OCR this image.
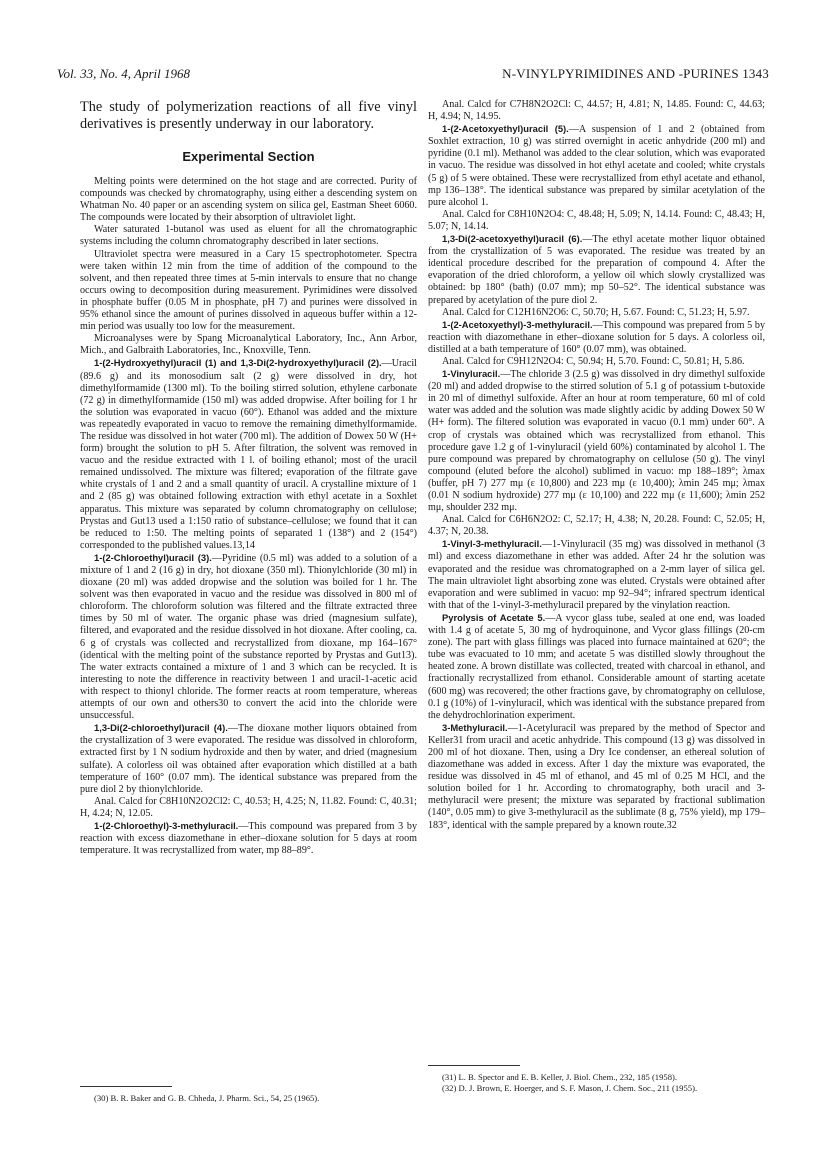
Vol. 33, No. 4, April 1968	N-VINYLPYRIMIDINES AND -PURINES 1343

The study of polymerization reactions of all five vinyl derivatives is presently underway in our laboratory.

Experimental Section

Melting points were determined on the hot stage and are corrected. Purity of compounds was checked by chromatography, using either a descending system on Whatman No. 40 paper or an ascending system on silica gel, Eastman Sheet 6060. The compounds were located by their absorption of ultraviolet light.

Water saturated 1-butanol was used as eluent for all the chromatographic systems including the column chromatography described in later sections.

Ultraviolet spectra were measured in a Cary 15 spectrophotometer. Spectra were taken within 12 min from the time of addition of the compound to the solvent, and then repeated three times at 5-min intervals to ensure that no change occurs owing to decomposition during measurement. Pyrimidines were dissolved in phosphate buffer (0.05 M in phosphate, pH 7) and purines were dissolved in 95% ethanol since the amount of purines dissolved in aqueous buffer within a 12-min period was usually too low for the measurement.

Microanalyses were by Spang Microanalytical Laboratory, Inc., Ann Arbor, Mich., and Galbraith Laboratories, Inc., Knoxville, Tenn.

1-(2-Hydroxyethyl)uracil (1) and 1,3-Di(2-hydroxyethyl)uracil (2).—Uracil (89.6 g) and its monosodium salt (2 g) were dissolved in dry, hot dimethylformamide (1300 ml). To the boiling stirred solution, ethylene carbonate (72 g) in dimethylformamide (150 ml) was added dropwise. After boiling for 1 hr the solution was evaporated in vacuo (60°). Ethanol was added and the mixture was repeatedly evaporated in vacuo to remove the remaining dimethylformamide. The residue was dissolved in hot water (700 ml). The addition of Dowex 50 W (H+ form) brought the solution to pH 5. After filtration, the solvent was removed in vacuo and the residue extracted with 1 l. of boiling ethanol; most of the uracil remained undissolved. The mixture was filtered; evaporation of the filtrate gave white crystals of 1 and 2 and a small quantity of uracil. A crystalline mixture of 1 and 2 (85 g) was obtained following extraction with ethyl acetate in a Soxhlet apparatus. This mixture was separated by column chromatography on cellulose; Prystas and Gut13 used a 1:150 ratio of substance–cellulose; we found that it can be reduced to 1:50. The melting points of separated 1 (138°) and 2 (154°) corresponded to the published values.13,14

1-(2-Chloroethyl)uracil (3).—Pyridine (0.5 ml) was added to a solution of a mixture of 1 and 2 (16 g) in dry, hot dioxane (350 ml). Thionylchloride (30 ml) in dioxane (20 ml) was added dropwise and the solution was boiled for 1 hr. The solvent was then evaporated in vacuo and the residue was dissolved in 800 ml of chloroform. The chloroform solution was filtered and the filtrate extracted three times by 50 ml of water. The organic phase was dried (magnesium sulfate), filtered, and evaporated and the residue dissolved in hot dioxane. After cooling, ca. 6 g of crystals was collected and recrystallized from dioxane, mp 164–167° (identical with the melting point of the substance reported by Prystas and Gut13). The water extracts contained a mixture of 1 and 3 which can be recycled. It is interesting to note the difference in reactivity between 1 and uracil-1-acetic acid with respect to thionyl chloride. The former reacts at room temperature, whereas attempts of our own and others30 to convert the acid into the chloride were unsuccessful.

1,3-Di(2-chloroethyl)uracil (4).—The dioxane mother liquors obtained from the crystallization of 3 were evaporated. The residue was dissolved in chloroform, extracted first by 1 N sodium hydroxide and then by water, and dried (magnesium sulfate). A colorless oil was obtained after evaporation which distilled at a bath temperature of 160° (0.07 mm). The identical substance was prepared from the pure diol 2 by thionylchloride.

Anal. Calcd for C8H10N2O2Cl2: C, 40.53; H, 4.25; N, 11.82. Found: C, 40.31; H, 4.24; N, 12.05.

1-(2-Chloroethyl)-3-methyluracil.—This compound was prepared from 3 by reaction with excess diazomethane in ether–dioxane solution for 5 days at room temperature. It was recrystallized from water, mp 88–89°.

(30) B. R. Baker and G. B. Chheda, J. Pharm. Sci., 54, 25 (1965).

Anal. Calcd for C7H8N2O2Cl: C, 44.57; H, 4.81; N, 14.85. Found: C, 44.63; H, 4.94; N, 14.95.

1-(2-Acetoxyethyl)uracil (5).—A suspension of 1 and 2 (obtained from Soxhlet extraction, 10 g) was stirred overnight in acetic anhydride (200 ml) and pyridine (0.1 ml). Methanol was added to the clear solution, which was evaporated in vacuo. The residue was dissolved in hot ethyl acetate and cooled; white crystals (5 g) of 5 were obtained. These were recrystallized from ethyl acetate and ethanol, mp 136–138°. The identical substance was prepared by similar acetylation of the pure alcohol 1.

Anal. Calcd for C8H10N2O4: C, 48.48; H, 5.09; N, 14.14. Found: C, 48.43; H, 5.07; N, 14.14.

1,3-Di(2-acetoxyethyl)uracil (6).—The ethyl acetate mother liquor obtained from the crystallization of 5 was evaporated. The residue was treated by an identical procedure described for the preparation of compound 4. After the evaporation of the dried chloroform, a yellow oil which slowly crystallized was obtained: bp 180° (bath) (0.07 mm); mp 50–52°. The identical substance was prepared by acetylation of the pure diol 2.

Anal. Calcd for C12H16N2O6: C, 50.70; H, 5.67. Found: C, 51.23; H, 5.97.

1-(2-Acetoxyethyl)-3-methyluracil.—This compound was prepared from 5 by reaction with diazomethane in ether–dioxane solution for 5 days. A colorless oil, distilled at a bath temperature of 160° (0.07 mm), was obtained.

Anal. Calcd for C9H12N2O4: C, 50.94; H, 5.70. Found: C, 50.81; H, 5.86.

1-Vinyluracil.—The chloride 3 (2.5 g) was dissolved in dry dimethyl sulfoxide (20 ml) and added dropwise to the stirred solution of 5.1 g of potassium t-butoxide in 20 ml of dimethyl sulfoxide. After an hour at room temperature, 60 ml of cold water was added and the solution was made slightly acidic by adding Dowex 50 W (H+ form). The filtered solution was evaporated in vacuo (0.1 mm) under 60°. A crop of crystals was obtained which was recrystallized from ethanol. This procedure gave 1.2 g of 1-vinyluracil (yield 60%) contaminated by alcohol 1. The pure compound was prepared by chromatography on cellulose (50 g). The vinyl compound (eluted before the alcohol) sublimed in vacuo: mp 188–189°; λmax (buffer, pH 7) 277 mμ (ε 10,800) and 223 mμ (ε 10,400); λmin 245 mμ; λmax (0.01 N sodium hydroxide) 277 mμ (ε 10,100) and 222 mμ (ε 11,600); λmin 252 mμ, shoulder 232 mμ.

Anal. Calcd for C6H6N2O2: C, 52.17; H, 4.38; N, 20.28. Found: C, 52.05; H, 4.37; N, 20.38.

1-Vinyl-3-methyluracil.—1-Vinyluracil (35 mg) was dissolved in methanol (3 ml) and excess diazomethane in ether was added. After 24 hr the solution was evaporated and the residue was chromatographed on a 2-mm layer of silica gel. The main ultraviolet light absorbing zone was eluted. Crystals were obtained after evaporation and were sublimed in vacuo: mp 92–94°; infrared spectrum identical with that of the 1-vinyl-3-methyluracil prepared by the vinylation reaction.

Pyrolysis of Acetate 5.—A vycor glass tube, sealed at one end, was loaded with 1.4 g of acetate 5, 30 mg of hydroquinone, and Vycor glass fillings (20-cm zone). The part with glass fillings was placed into furnace maintained at 620°; the tube was evacuated to 10 mm; and acetate 5 was distilled slowly throughout the heated zone. A brown distillate was collected, treated with charcoal in ethanol, and fractionally recrystallized from ethanol. Considerable amount of starting acetate (600 mg) was recovered; the other fractions gave, by chromatography on cellulose, 0.1 g (10%) of 1-vinyluracil, which was identical with the substance prepared from the dehydrochlorination experiment.

3-Methyluracil.—1-Acetyluracil was prepared by the method of Spector and Keller31 from uracil and acetic anhydride. This compound (13 g) was dissolved in 200 ml of hot dioxane. Then, using a Dry Ice condenser, an ethereal solution of diazomethane was added in excess. After 1 day the mixture was evaporated, the residue was dissolved in 45 ml of ethanol, and 45 ml of 0.25 M HCl, and the solution boiled for 1 hr. According to chromatography, both uracil and 3-methyluracil were present; the mixture was separated by fractional sublimation (140°, 0.05 mm) to give 3-methyluracil as the sublimate (8 g, 75% yield), mp 179–183°, identical with the sample prepared by a known route.32

(31) L. B. Spector and E. B. Keller, J. Biol. Chem., 232, 185 (1958).

(32) D. J. Brown, E. Hoerger, and S. F. Mason, J. Chem. Soc., 211 (1955).
